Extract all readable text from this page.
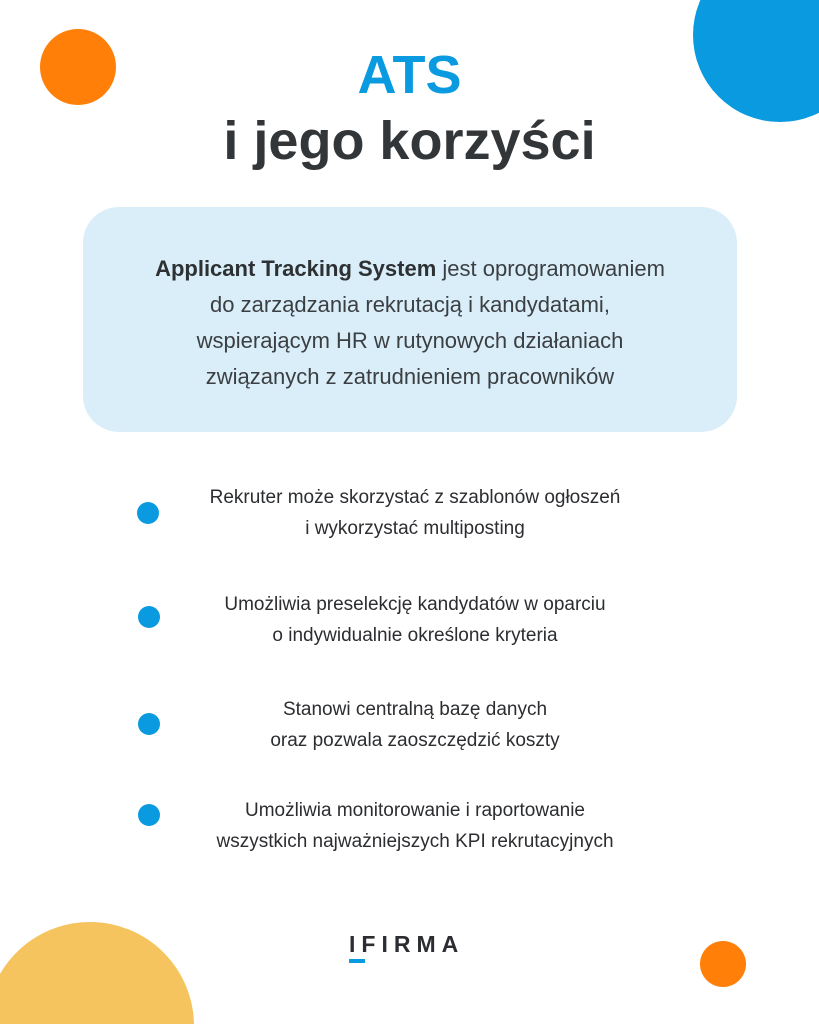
ATS
i jego korzyści
Applicant Tracking System jest oprogramowaniem
do zarządzania rekrutacją i kandydatami,
wspierającym HR w rutynowych działaniach
związanych z zatrudnieniem pracowników
Rekruter może skorzystać z szablonów ogłoszeń
i wykorzystać multiposting
Umożliwia preselekcję kandydatów w oparciu
o indywidualnie określone kryteria
Stanowi centralną bazę danych
oraz pozwala zaoszczędzić koszty
Umożliwia monitorowanie i raportowanie
wszystkich najważniejszych KPI rekrutacyjnych
IFIRMA
